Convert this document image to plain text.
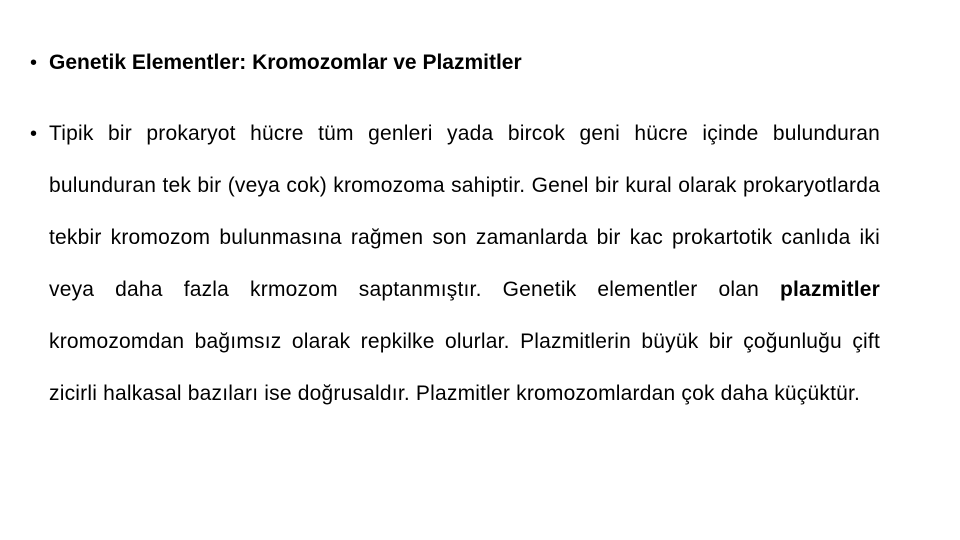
• Genetik Elementler: Kromozomlar ve Plazmitler
• Tipik bir prokaryot hücre tüm genleri yada bircok geni hücre içinde bulunduran bulunduran tek bir (veya cok) kromozoma sahiptir. Genel bir kural olarak prokaryotlarda tekbir kromozom bulunmasına rağmen son zamanlarda bir kac prokartotik canlıda iki veya daha fazla krmozom saptanmıştır. Genetik elementler olan plazmitler kromozomdan bağımsız olarak repkilke olurlar. Plazmitlerin büyük bir çoğunluğu çift zicirli halkasal bazıları ise doğrusaldır. Plazmitler kromozomlardan çok daha küçüktür.
